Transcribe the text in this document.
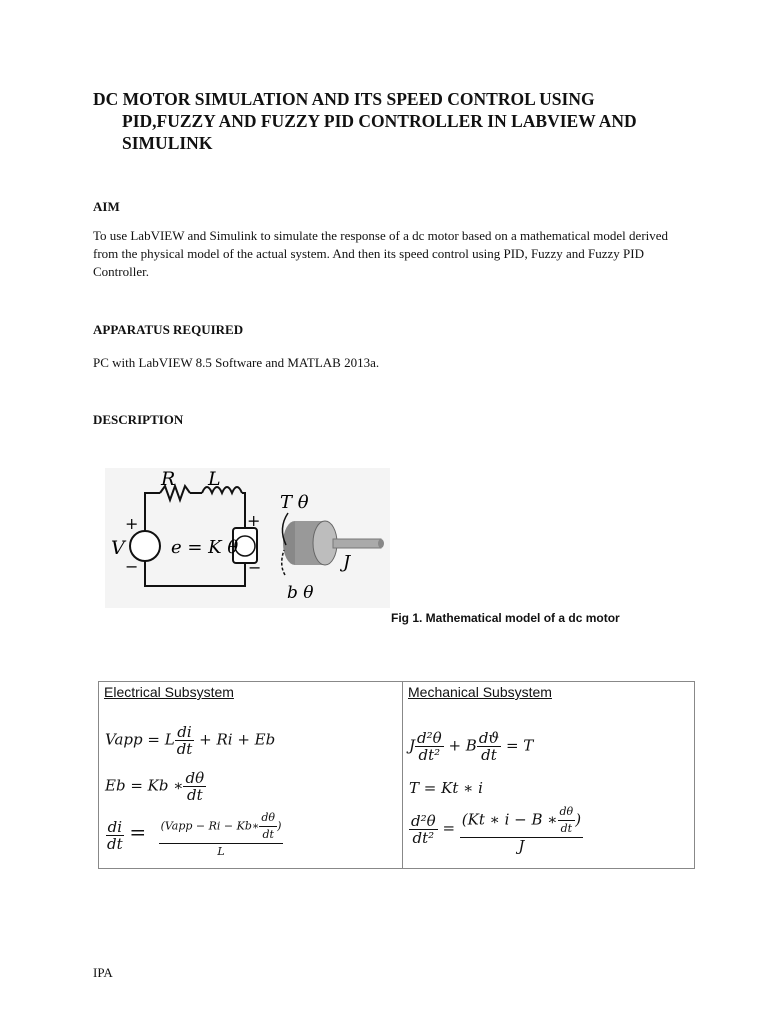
DC MOTOR SIMULATION AND ITS SPEED CONTROL USING
PID,FUZZY AND FUZZY PID CONTROLLER IN LABVIEW AND
SIMULINK
AIM
To use LabVIEW and Simulink to simulate the response of a dc motor based on a mathematical model derived from the physical model of the actual system. And then its speed control using PID, Fuzzy and Fuzzy PID Controller.
APPARATUS REQUIRED
PC with LabVIEW 8.5 Software and MATLAB 2013a.
DESCRIPTION
R L
+
−
V	e = K θ
+
−
T θ
J
b θ
Fig 1. Mathematical model of a dc motor
Electrical Subsystem
Vapp = L $\frac{di}{dt} + Ri + Eb$
Eb = Kb ∗ $\frac{d\theta}{dt}$
$\frac{di}{dt} = \frac{(Vapp - Ri - Kb∗ \frac{d\theta}{dt} )}{L}$

Mechanical Subsystem
J $\frac{\text{d²θ}}{\text{dt²}} + B \frac{dϑ}{dt} = T$
T = Kt ∗ i
$\frac{\text{d²θ}}{\text{dt²}} = \frac{(Kt ∗ i - B ∗ \frac{d\theta}{dt} )}{J}$
IPA
